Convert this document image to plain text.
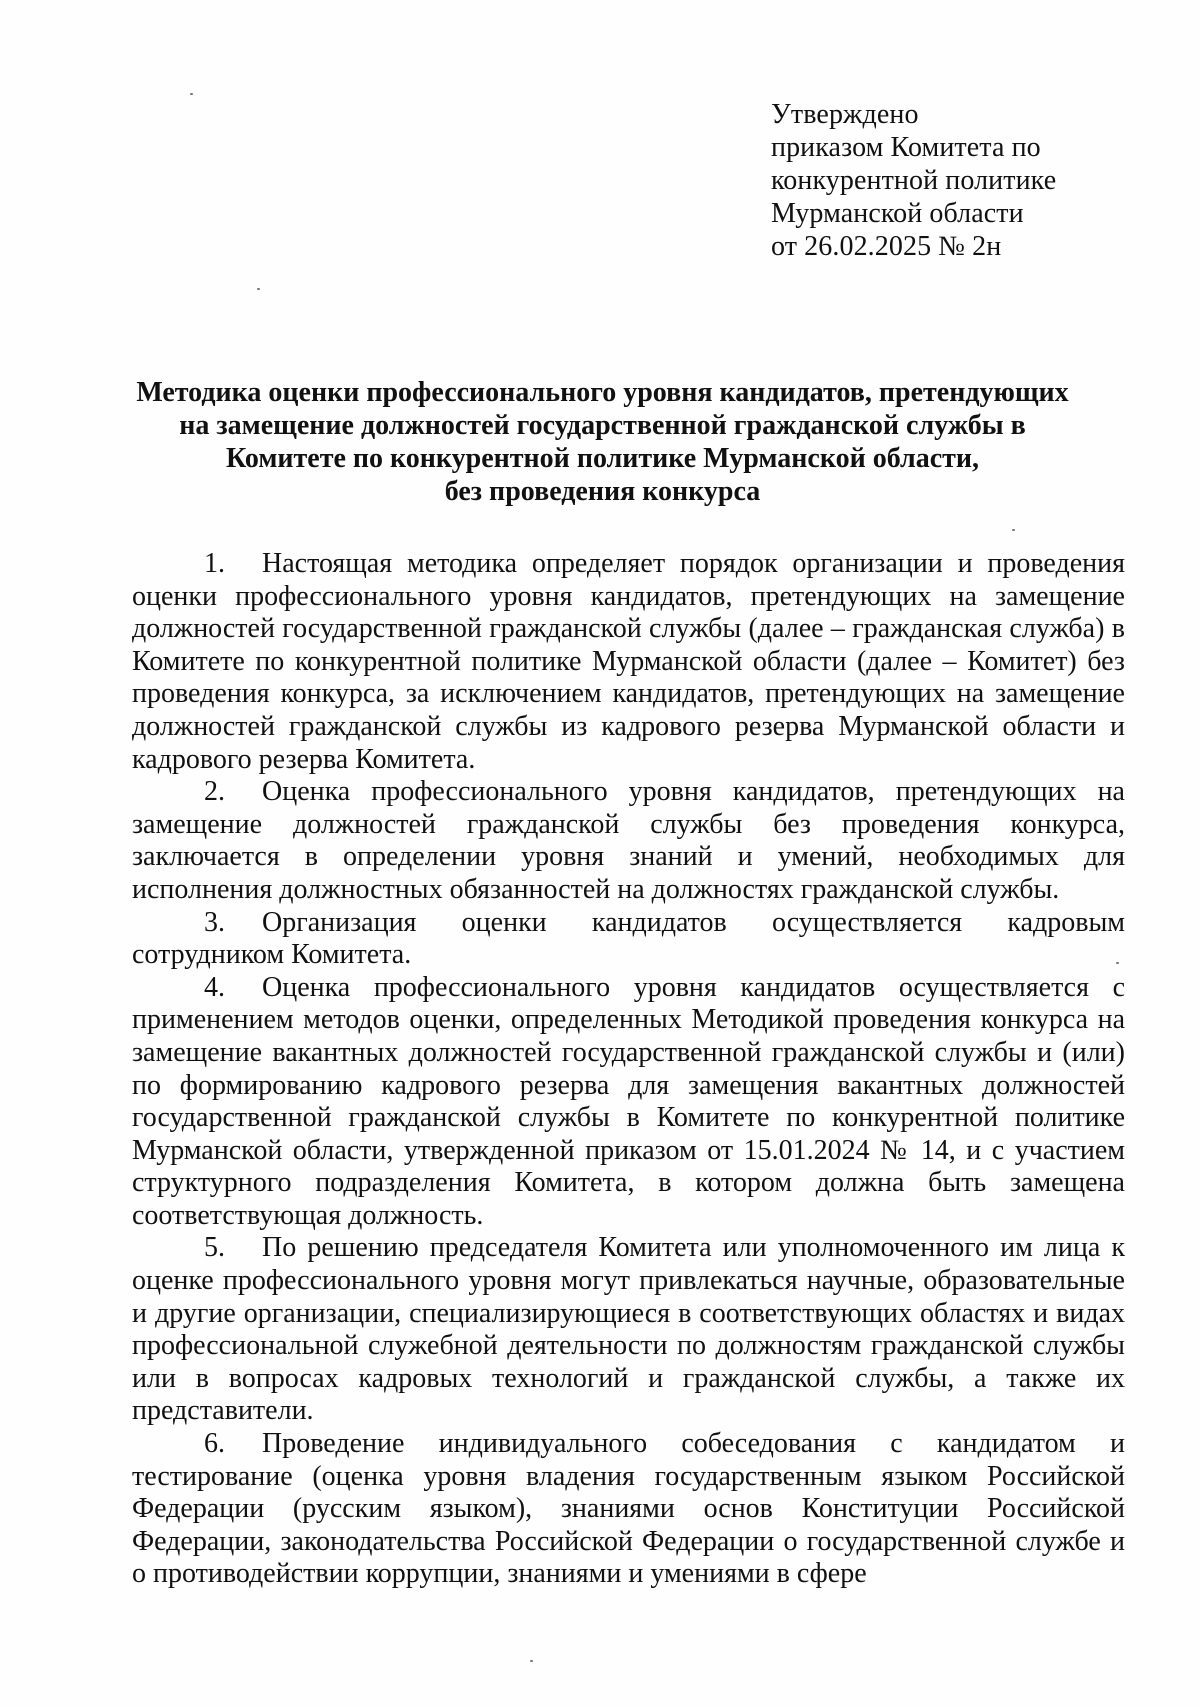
Утверждено
приказом Комитета по
конкурентной политике
Мурманской области
от 26.02.2025 № 2н
Методика оценки профессионального уровня кандидатов, претендующих
на замещение должностей государственной гражданской службы в
Комитете по конкурентной политике Мурманской области,
без проведения конкурса

1. Настоящая методика определяет порядок организации и проведения оценки профессионального уровня кандидатов, претендующих на замещение должностей государственной гражданской службы (далее – гражданская служба) в Комитете по конкурентной политике Мурманской области (далее – Комитет) без проведения конкурса, за исключением кандидатов, претендующих на замещение должностей гражданской службы из кадрового резерва Мурманской области и кадрового резерва Комитета.

2. Оценка профессионального уровня кандидатов, претендующих на замещение должностей гражданской службы без проведения конкурса, заключается в определении уровня знаний и умений, необходимых для исполнения должностных обязанностей на должностях гражданской службы.

3. Организация оценки кандидатов осуществляется кадровым сотрудником Комитета.

4. Оценка профессионального уровня кандидатов осуществляется с применением методов оценки, определенных Методикой проведения конкурса на замещение вакантных должностей государственной гражданской службы и (или) по формированию кадрового резерва для замещения вакантных должностей государственной гражданской службы в Комитете по конкурентной политике Мурманской области, утвержденной приказом от 15.01.2024 № 14, и с участием структурного подразделения Комитета, в котором должна быть замещена соответствующая должность.

5. По решению председателя Комитета или уполномоченного им лица к оценке профессионального уровня могут привлекаться научные, образовательные и другие организации, специализирующиеся в соответствующих областях и видах профессиональной служебной деятельности по должностям гражданской службы или в вопросах кадровых технологий и гражданской службы, а также их представители.

6. Проведение индивидуального собеседования с кандидатом и тестирование (оценка уровня владения государственным языком Российской Федерации (русским языком), знаниями основ Конституции Российской Федерации, законодательства Российской Федерации о государственной службе и о противодействии коррупции, знаниями и умениями в сфере
